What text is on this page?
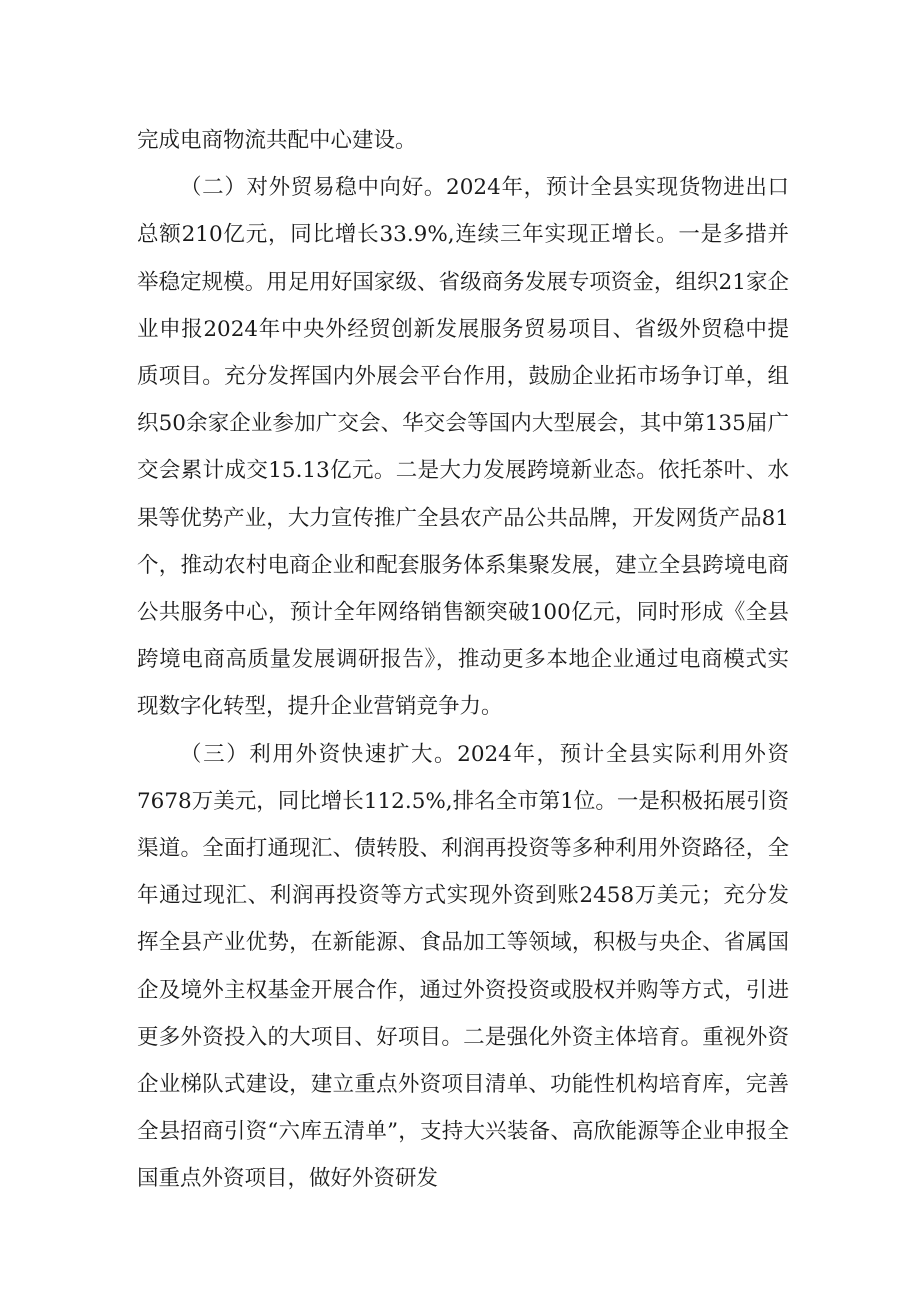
完成电商物流共配中心建设。

（二）对外贸易稳中向好。2024年，预计全县实现货物进出口总额210亿元，同比增长33.9%,连续三年实现正增长。一是多措并举稳定规模。用足用好国家级、省级商务发展专项资金，组织21家企业申报2024年中央外经贸创新发展服务贸易项目、省级外贸稳中提质项目。充分发挥国内外展会平台作用，鼓励企业拓市场争订单，组织50余家企业参加广交会、华交会等国内大型展会，其中第135届广交会累计成交15.13亿元。二是大力发展跨境新业态。依托茶叶、水果等优势产业，大力宣传推广全县农产品公共品牌，开发网货产品81个，推动农村电商企业和配套服务体系集聚发展，建立全县跨境电商公共服务中心，预计全年网络销售额突破100亿元，同时形成《全县跨境电商高质量发展调研报告》，推动更多本地企业通过电商模式实现数字化转型，提升企业营销竞争力。

（三）利用外资快速扩大。2024年，预计全县实际利用外资7678万美元，同比增长112.5%,排名全市第1位。一是积极拓展引资渠道。全面打通现汇、债转股、利润再投资等多种利用外资路径，全年通过现汇、利润再投资等方式实现外资到账2458万美元；充分发挥全县产业优势，在新能源、食品加工等领域，积极与央企、省属国企及境外主权基金开展合作，通过外资投资或股权并购等方式，引进更多外资投入的大项目、好项目。二是强化外资主体培育。重视外资企业梯队式建设，建立重点外资项目清单、功能性机构培育库，完善全县招商引资“六库五清单”，支持大兴装备、高欣能源等企业申报全国重点外资项目，做好外资研发
